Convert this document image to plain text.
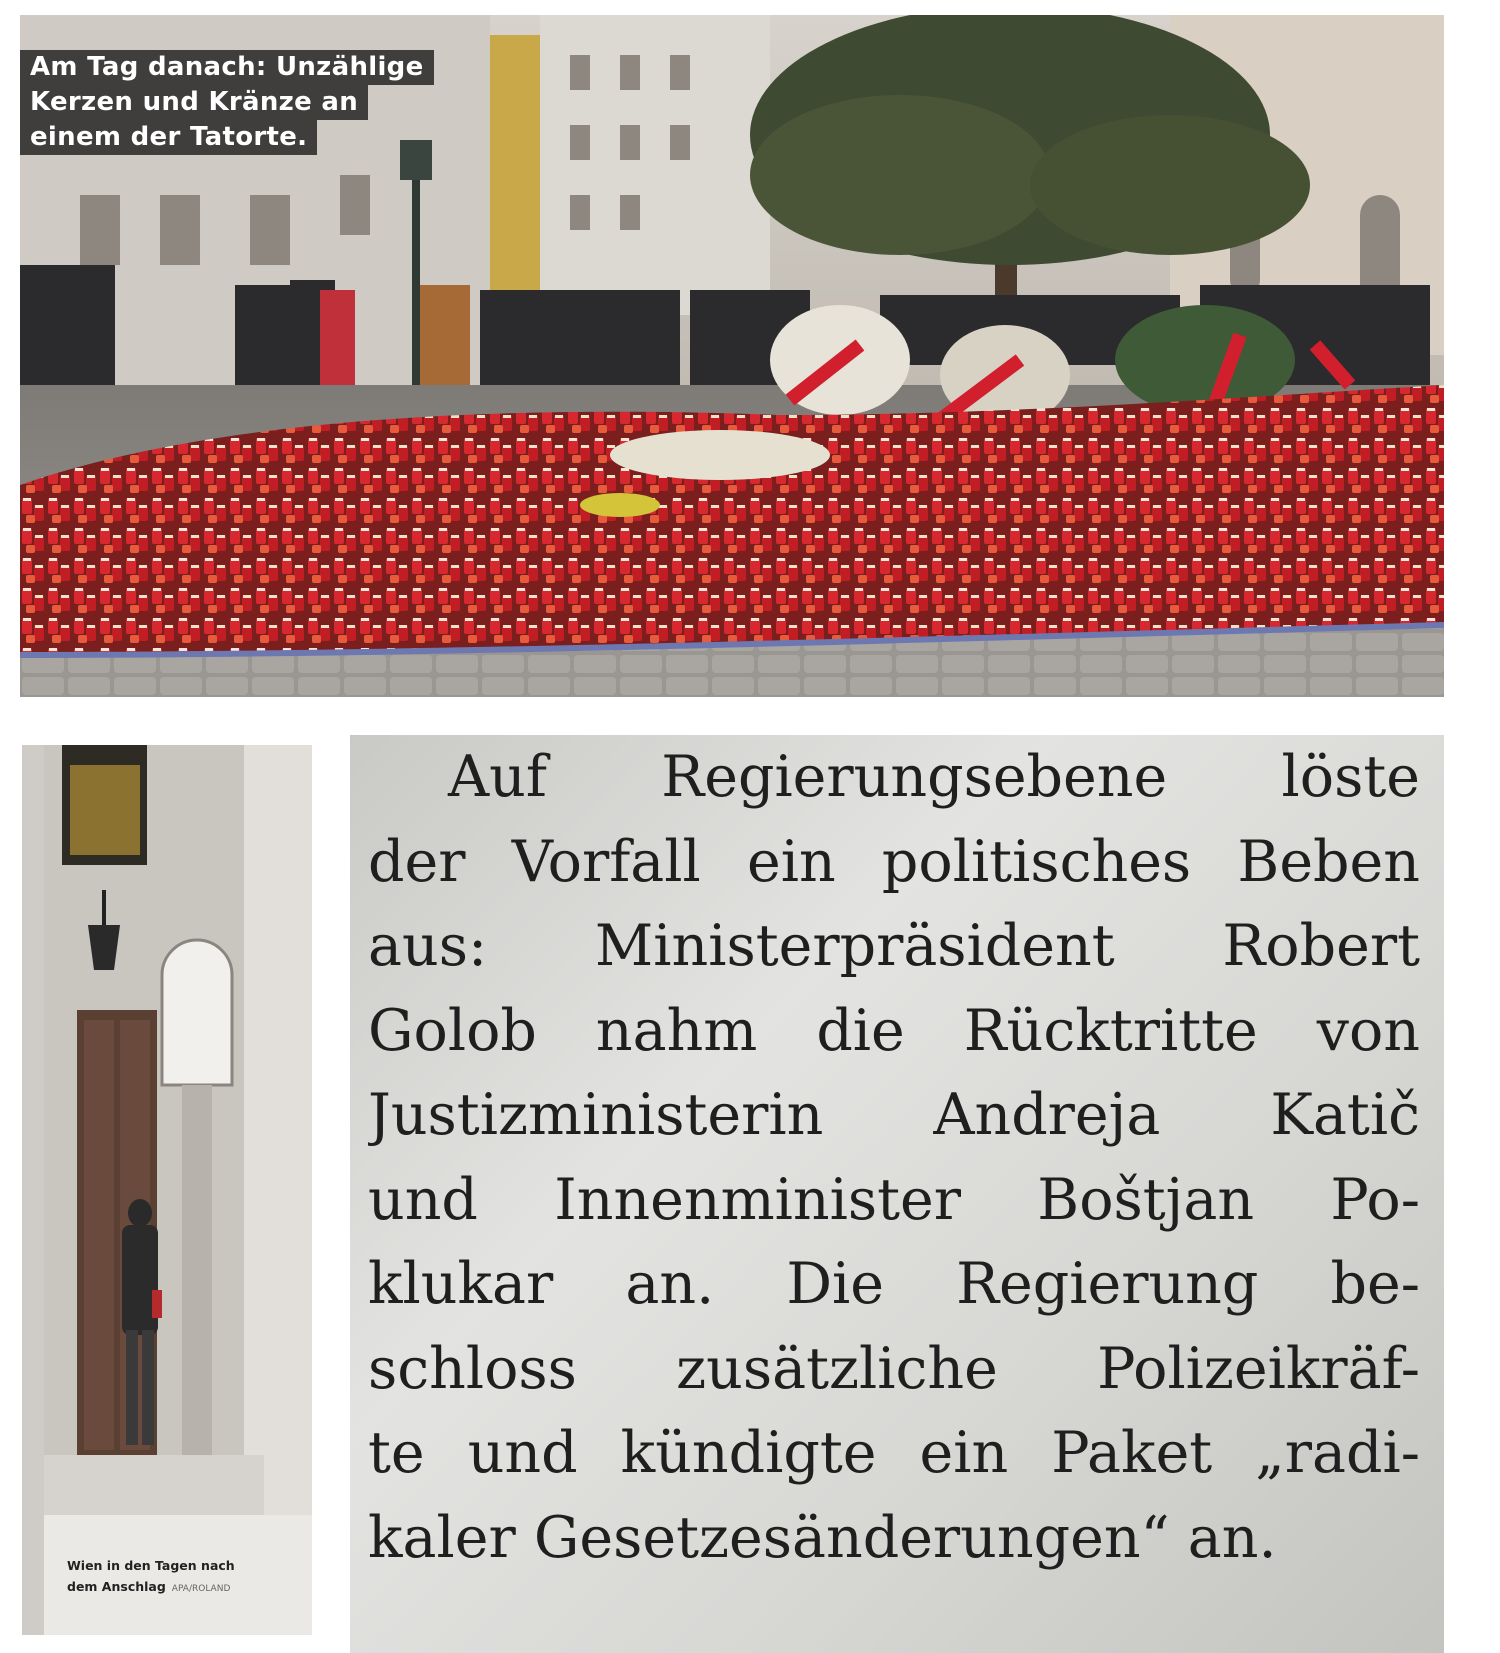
Am Tag danach: Unzählige
Kerzen und Kränze an
einem der Tatorte.
Wien in den Tagen nach
dem Anschlag APA/ROLAND
Auf Regierungsebene löste
der Vorfall ein politisches Beben
aus: Ministerpräsident Robert
Golob nahm die Rücktritte von
Justizministerin Andreja Katič
und Innenminister Boštjan Po-
klukar an. Die Regierung be-
schloss zusätzliche Polizeikräf-
te und kündigte ein Paket „radi-
kaler Gesetzesänderungen“ an.
